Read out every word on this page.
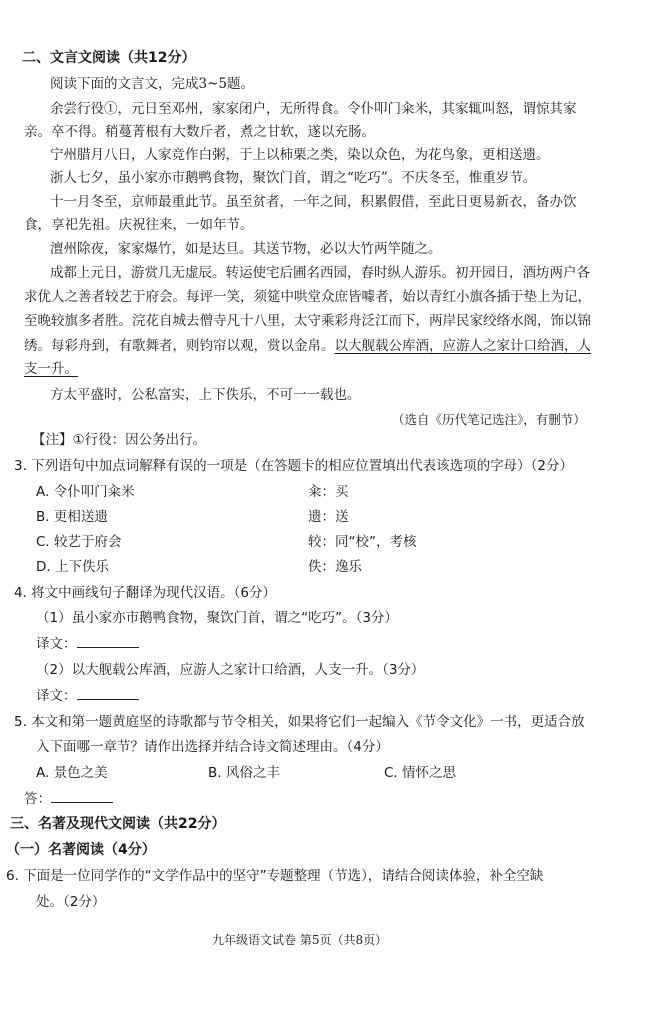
二、文言文阅读（共12分）
阅读下面的文言文，完成3~5题。
余尝行役①，元日至邓州，家家闭户，无所得食。令仆叩门籴米，其家辄叫怒，谓惊其家
亲。卒不得。稍蔓菁根有大数斤者，煮之甘软，遂以充肠。
宁州腊月八日，人家竞作白粥，于上以柿栗之类，染以众色，为花鸟象，更相送遗。
浙人七夕，虽小家亦市鹅鸭食物，聚饮门首，谓之“吃巧”。不庆冬至，惟重岁节。
十一月冬至，京师最重此节。虽至贫者，一年之间，积累假借，至此日更易新衣，备办饮
食，享祀先祖。庆祝往来，一如年节。
澶州除夜，家家爆竹，如是达旦。其送节物，必以大竹两竿随之。
成都上元日，游赏几无虚辰。转运使宅后圃名西园，春时纵人游乐。初开园日，酒坊两户各
求优人之善者较艺于府会。每评一笑，须筵中哄堂众庶皆噱者，始以青红小旗各插于垫上为记，
至晚较旗多者胜。浣花自城去僧寺凡十八里，太守乘彩舟泛江而下，两岸民家绞络水阁，饰以锦
绣。每彩舟到，有歌舞者，则钧帘以观，赏以金帛。以大舰载公库酒，应游人之家计口给酒，人
支一升。
方太平盛时，公私富实，上下佚乐，不可一一载也。
（选自《历代笔记选注》，有删节）
【注】①行役：因公务出行。
3. 下列语句中加点词解释有误的一项是（在答题卡的相应位置填出代表该选项的字母）（2分）
A. 令仆叩门籴米	籴：买
B. 更相送遗	遗：送
C. 较艺于府会	较：同“校”，考核
D. 上下佚乐	佚：逸乐
4. 将文中画线句子翻译为现代汉语。（6分）
（1）虽小家亦市鹅鸭食物，聚饮门首，谓之“吃巧”。（3分）
译文：
（2）以大舰载公库酒，应游人之家计口给酒，人支一升。（3分）
译文：
5. 本文和第一题黄庭坚的诗歌都与节令相关，如果将它们一起编入《节令文化》一书，更适合放
入下面哪一章节？请作出选择并结合诗文简述理由。（4分）
A. 景色之美	B. 风俗之丰	C. 情怀之思
答：
三、名著及现代文阅读（共22分）
（一）名著阅读（4分）
6. 下面是一位同学作的“文学作品中的坚守”专题整理（节选），请结合阅读体验，补全空缺
处。（2分）
九年级语文试卷 第5页（共8页）
